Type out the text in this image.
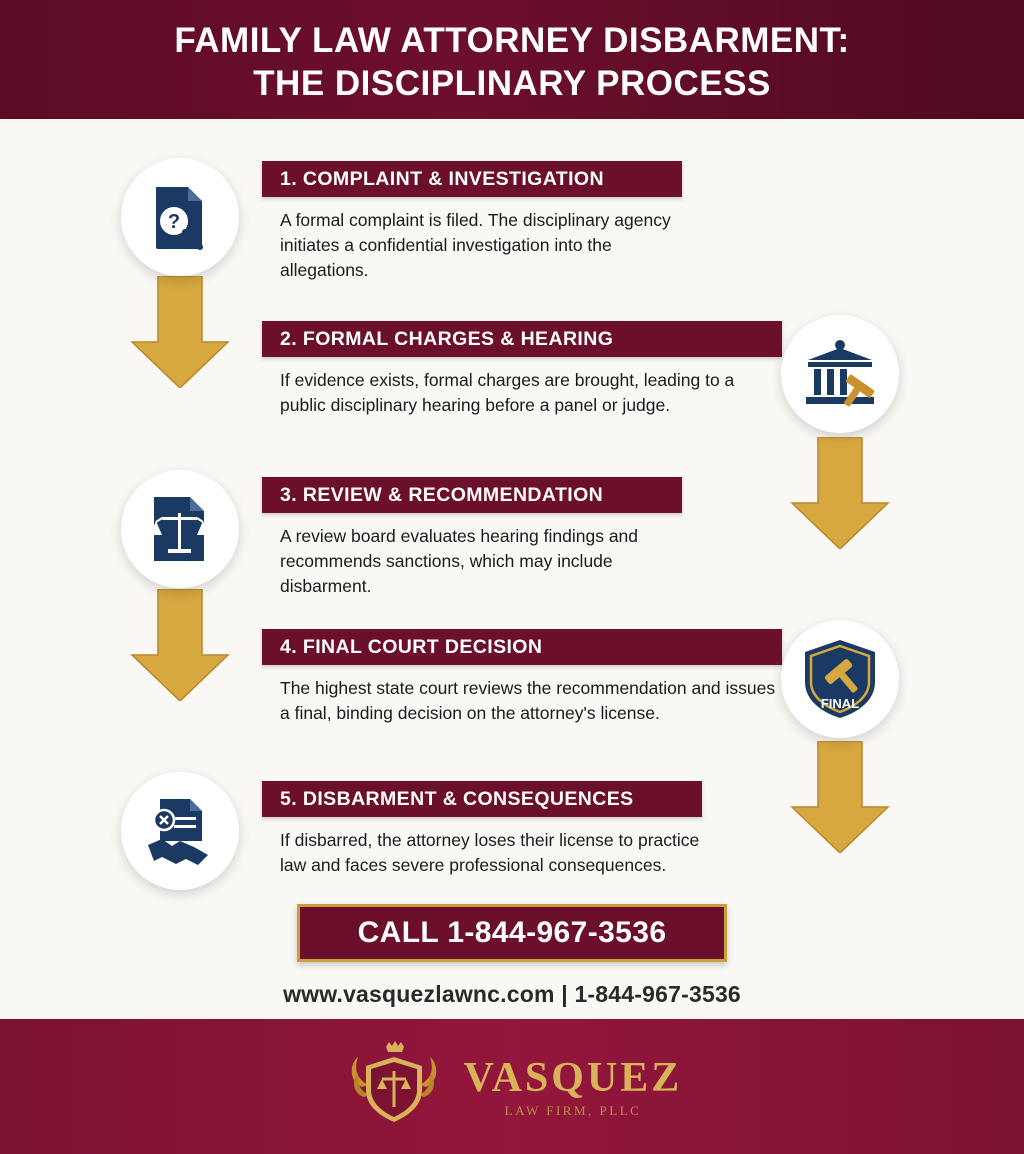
FAMILY LAW ATTORNEY DISBARMENT:
THE DISCIPLINARY PROCESS
?
FINAL
1. COMPLAINT & INVESTIGATION
A formal complaint is filed. The disciplinary agency initiates a confidential investigation into the allegations.
2. FORMAL CHARGES & HEARING
If evidence exists, formal charges are brought, leading to a public disciplinary hearing before a panel or judge.
3. REVIEW & RECOMMENDATION
A review board evaluates hearing findings and recommends sanctions, which may include disbarment.
4. FINAL COURT DECISION
The highest state court reviews the recommendation and issues a final, binding decision on the attorney's license.
5. DISBARMENT & CONSEQUENCES
If disbarred, the attorney loses their license to practice law and faces severe professional consequences.
CALL 1-844-967-3536
www.vasquezlawnc.com | 1-844-967-3536
VASQUEZ
LAW FIRM, PLLC
